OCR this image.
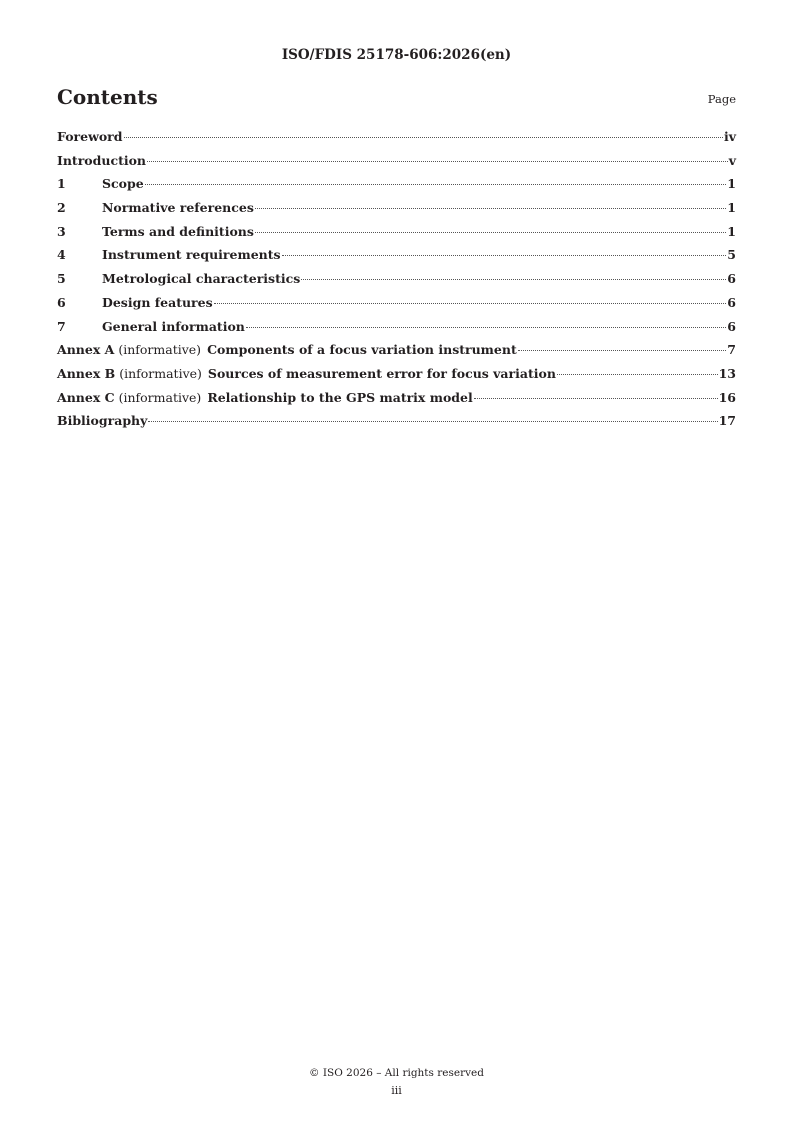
ISO/FDIS 25178-606:2026(en)
Contents	Page
Foreword	iv
Introduction	v
1	Scope	1
2	Normative references	1
3	Terms and definitions	1
4	Instrument requirements	5
5	Metrological characteristics	6
6	Design features	6
7	General information	6
Annex A (informative) Components of a focus variation instrument	7
Annex B (informative) Sources of measurement error for focus variation	13
Annex C (informative) Relationship to the GPS matrix model	16
Bibliography	17
© ISO 2026 – All rights reserved
iii
